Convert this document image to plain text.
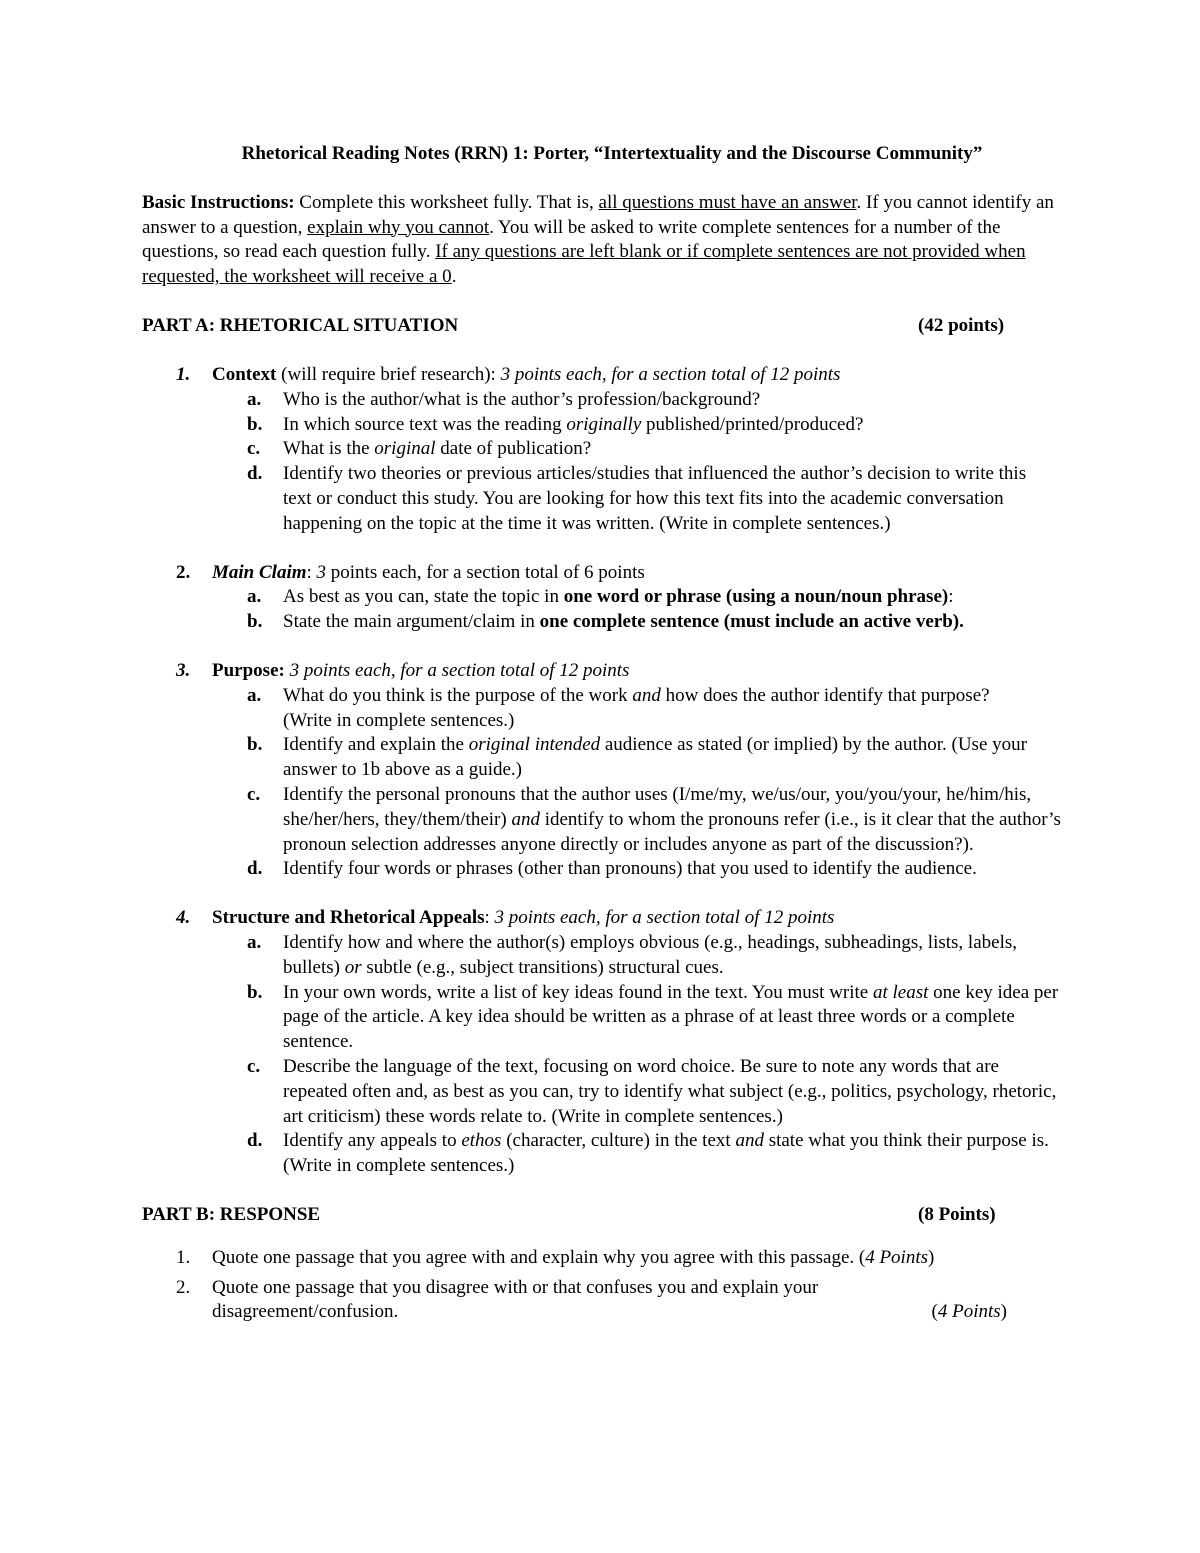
Rhetorical Reading Notes (RRN) 1: Porter, “Intertextuality and the Discourse Community”

Basic Instructions: Complete this worksheet fully. That is, all questions must have an answer. If you cannot identify an answer to a question, explain why you cannot. You will be asked to write complete sentences for a number of the questions, so read each question fully. If any questions are left blank or if complete sentences are not provided when requested, the worksheet will receive a 0.

PART A: RHETORICAL SITUATION	(42 points)
1. Context (will require brief research): 3 points each, for a section total of 12 points
a. Who is the author/what is the author’s profession/background?
b. In which source text was the reading originally published/printed/produced?
c. What is the original date of publication?
d. Identify two theories or previous articles/studies that influenced the author’s decision to write this text or conduct this study. You are looking for how this text fits into the academic conversation happening on the topic at the time it was written. (Write in complete sentences.)
2. Main Claim: 3 points each, for a section total of 6 points
a. As best as you can, state the topic in one word or phrase (using a noun/noun phrase):
b. State the main argument/claim in one complete sentence (must include an active verb).
3. Purpose: 3 points each, for a section total of 12 points
a. What do you think is the purpose of the work and how does the author identify that purpose? (Write in complete sentences.)
b. Identify and explain the original intended audience as stated (or implied) by the author. (Use your answer to 1b above as a guide.)
c. Identify the personal pronouns that the author uses (I/me/my, we/us/our, you/you/your, he/him/his, she/her/hers, they/them/their) and identify to whom the pronouns refer (i.e., is it clear that the author’s pronoun selection addresses anyone directly or includes anyone as part of the discussion?).
d. Identify four words or phrases (other than pronouns) that you used to identify the audience.
4. Structure and Rhetorical Appeals: 3 points each, for a section total of 12 points
a. Identify how and where the author(s) employs obvious (e.g., headings, subheadings, lists, labels, bullets) or subtle (e.g., subject transitions) structural cues.
b. In your own words, write a list of key ideas found in the text. You must write at least one key idea per page of the article. A key idea should be written as a phrase of at least three words or a complete sentence.
c. Describe the language of the text, focusing on word choice. Be sure to note any words that are repeated often and, as best as you can, try to identify what subject (e.g., politics, psychology, rhetoric, art criticism) these words relate to. (Write in complete sentences.)
d. Identify any appeals to ethos (character, culture) in the text and state what you think their purpose is. (Write in complete sentences.)
PART B: RESPONSE	(8 Points)
1. Quote one passage that you agree with and explain why you agree with this passage. (4 Points)
2. Quote one passage that you disagree with or that confuses you and explain your disagreement/confusion.	(4 Points)
